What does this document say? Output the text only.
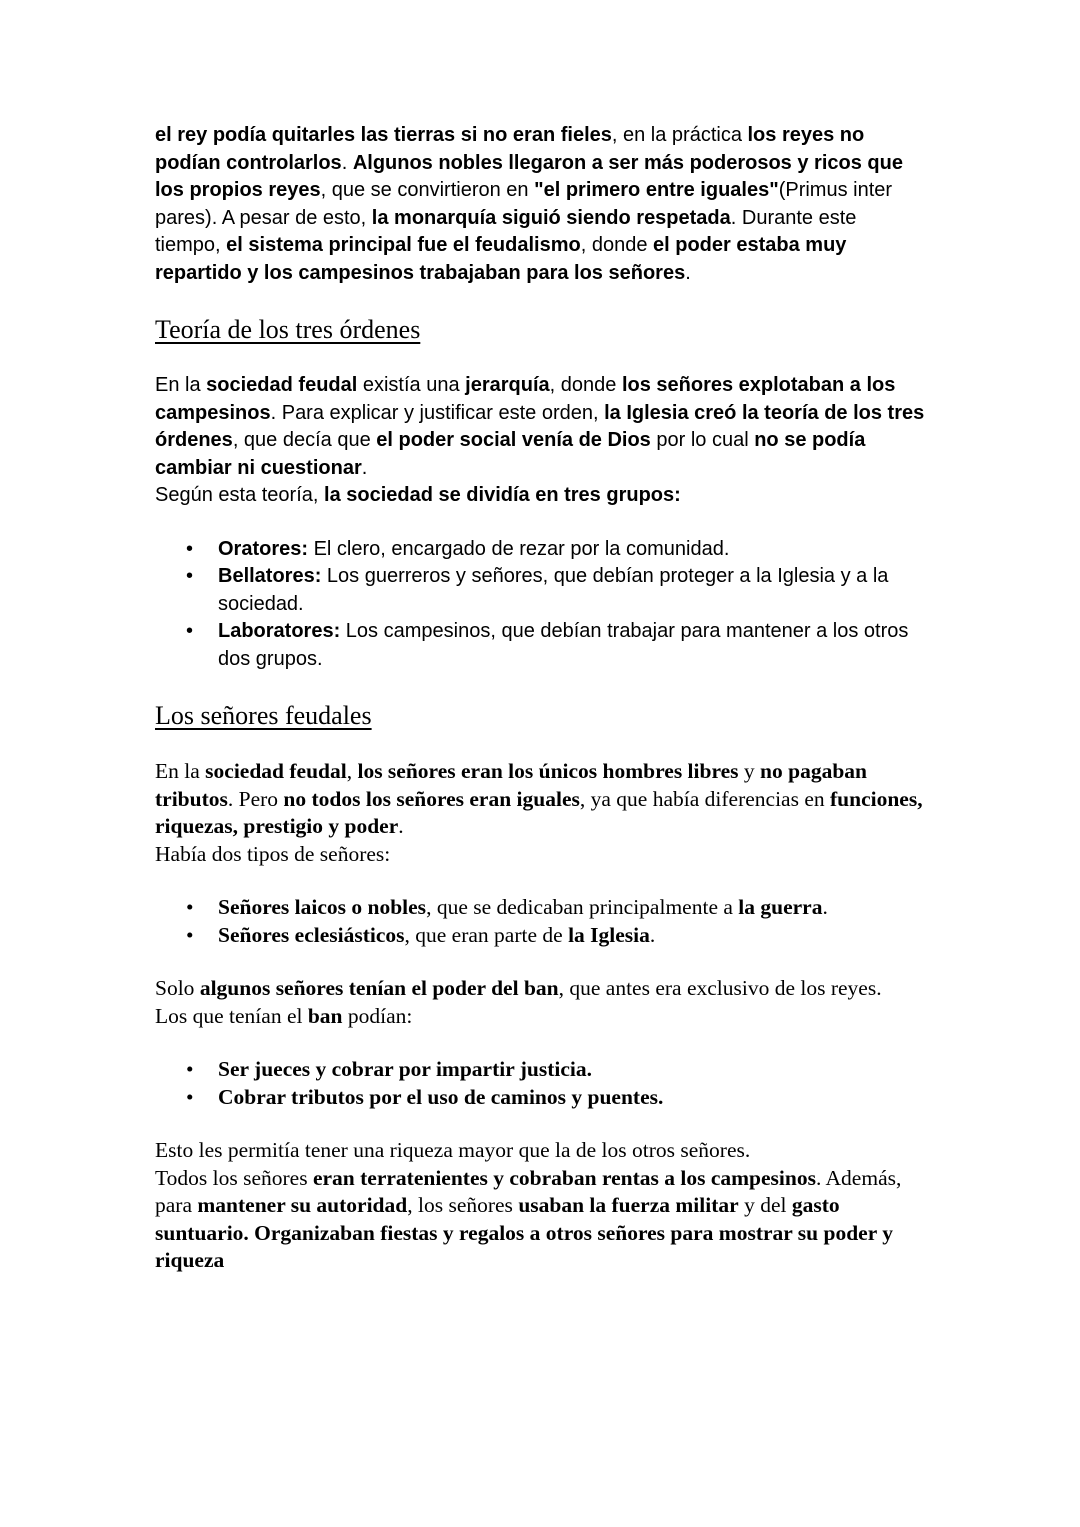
el rey podía quitarles las tierras si no eran fieles, en la práctica los reyes no podían controlarlos. Algunos nobles llegaron a ser más poderosos y ricos que los propios reyes, que se convirtieron en "el primero entre iguales"(Primus inter pares). A pesar de esto, la monarquía siguió siendo respetada. Durante este tiempo, el sistema principal fue el feudalismo, donde el poder estaba muy repartido y los campesinos trabajaban para los señores.

Teoría de los tres órdenes

En la sociedad feudal existía una jerarquía, donde los señores explotaban a los campesinos. Para explicar y justificar este orden, la Iglesia creó la teoría de los tres órdenes, que decía que el poder social venía de Dios por lo cual no se podía cambiar ni cuestionar.
Según esta teoría, la sociedad se dividía en tres grupos:

• Oratores: El clero, encargado de rezar por la comunidad.
• Bellatores: Los guerreros y señores, que debían proteger a la Iglesia y a la sociedad.
• Laboratores: Los campesinos, que debían trabajar para mantener a los otros dos grupos.
Los señores feudales

En la sociedad feudal, los señores eran los únicos hombres libres y no pagaban tributos. Pero no todos los señores eran iguales, ya que había diferencias en funciones, riquezas, prestigio y poder.
Había dos tipos de señores:

• Señores laicos o nobles, que se dedicaban principalmente a la guerra.
• Señores eclesiásticos, que eran parte de la Iglesia.

Solo algunos señores tenían el poder del ban, que antes era exclusivo de los reyes.
Los que tenían el ban podían:

• Ser jueces y cobrar por impartir justicia.
• Cobrar tributos por el uso de caminos y puentes.

Esto les permitía tener una riqueza mayor que la de los otros señores.
Todos los señores eran terratenientes y cobraban rentas a los campesinos. Además, para mantener su autoridad, los señores usaban la fuerza militar y del gasto suntuario. Organizaban fiestas y regalos a otros señores para mostrar su poder y riqueza
